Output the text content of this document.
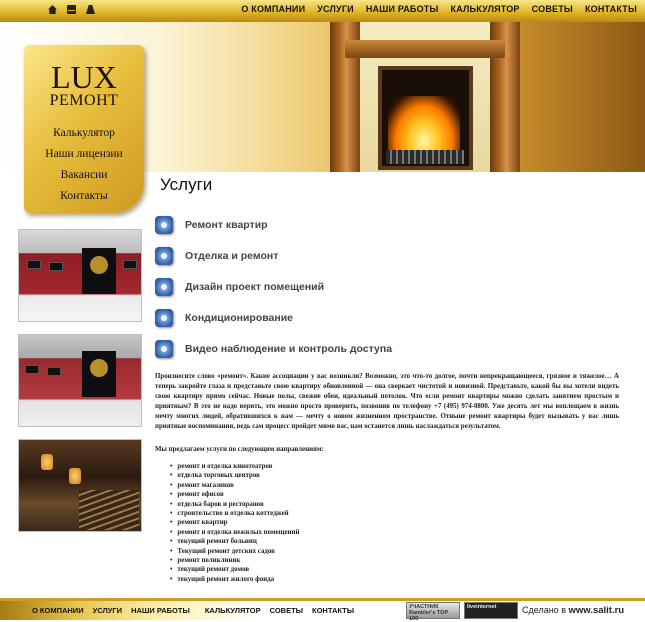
О КОМПАНИИ УСЛУГИ НАШИ РАБОТЫ КАЛЬКУЛЯТОР СОВЕТЫ КОНТАКТЫ
LUX
РЕМОНТ
Калькулятор
Наши лицензии
Вакансии
Контакты
Услуги
Ремонт квартир
Отделка и ремонт
Дизайн проект помещений
Кондиционирование
Видео наблюдение и контроль доступа
Произнесите слово «ремонт». Какие ассоциации у вас возникли? Возможно, это что-то долгое, почти непрекращающееся, грязное и тяжелое… А теперь закройте глаза и представьте свою квартиру обновленной — она сверкает чистотой и новизной. Представьте, какой бы вы хотели видеть свою квартиру прямо сейчас. Новые полы, свежие обои, идеальный потолок. Что если ремонт квартиры можно сделать занятием простым и приятным? В это не надо верить, это можно просто проверить, позвонив по телефону +7 (495) 974-0800. Уже десять лет мы воплощаем в жизнь мечту многих людей, обратившихся к нам — мечту о новом жизненном пространстве. Отныне ремонт квартиры будет вызывать у вас лишь приятные воспоминания, ведь сам процесс пройдет мимо вас, нам останется лишь наслаждаться результатом.
Мы предлагаем услуги по следующим направлениям:
• ремонт и отделка кинотеатров
• отделка торговых центров
• ремонт магазинов
• ремонт офисов
• отделка баров и ресторанов
• строительство и отделка коттеджей
• ремонт квартир
• ремонт и отделка нежилых помещений
• текущий ремонт больниц
• Текущий ремонт детских садов
• ремонт поликлиник
• текущий ремонт домов
• текущий ремонт жилого фонда
О КОМПАНИИ УСЛУГИ НАШИ РАБОТЫ КАЛЬКУЛЯТОР СОВЕТЫ КОНТАКТЫ	УЧАСТНИК Rambler's TOP 100
liveinternet	Сделано в www.salit.ru
